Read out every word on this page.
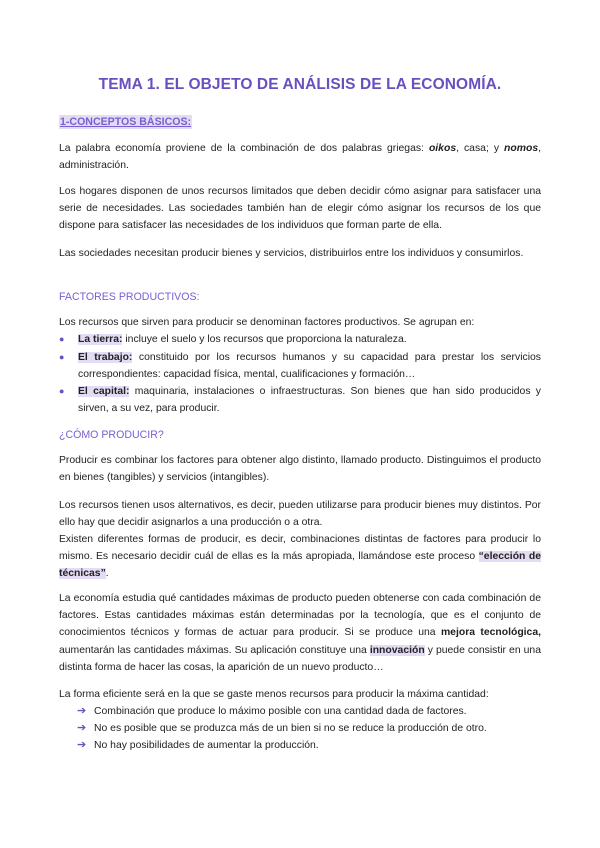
TEMA 1. EL OBJETO DE ANÁLISIS DE LA ECONOMÍA.
1-CONCEPTOS BÁSICOS:

La palabra economía proviene de la combinación de dos palabras griegas: oikos, casa; y nomos, administración.

Los hogares disponen de unos recursos limitados que deben decidir cómo asignar para satisfacer una serie de necesidades. Las sociedades también han de elegir cómo asignar los recursos de los que dispone para satisfacer las necesidades de los individuos que forman parte de ella.

Las sociedades necesitan producir bienes y servicios, distribuirlos entre los individuos y consumirlos.

FACTORES PRODUCTIVOS:

Los recursos que sirven para producir se denominan factores productivos. Se agrupan en:

● La tierra: incluye el suelo y los recursos que proporciona la naturaleza.
● El trabajo: constituido por los recursos humanos y su capacidad para prestar los servicios correspondientes: capacidad física, mental, cualificaciones y formación…
● El capital: maquinaria, instalaciones o infraestructuras. Son bienes que han sido producidos y sirven, a su vez, para producir.
¿CÓMO PRODUCIR?

Producir es combinar los factores para obtener algo distinto, llamado producto. Distinguimos el producto en bienes (tangibles) y servicios (intangibles).

Los recursos tienen usos alternativos, es decir, pueden utilizarse para producir bienes muy distintos. Por ello hay que decidir asignarlos a una producción o a otra.

Existen diferentes formas de producir, es decir, combinaciones distintas de factores para producir lo mismo. Es necesario decidir cuál de ellas es la más apropiada, llamándose este proceso “elección de técnicas”.

La economía estudia qué cantidades máximas de producto pueden obtenerse con cada combinación de factores. Estas cantidades máximas están determinadas por la tecnología, que es el conjunto de conocimientos técnicos y formas de actuar para producir. Si se produce una mejora tecnológica, aumentarán las cantidades máximas. Su aplicación constituye una innovación y puede consistir en una distinta forma de hacer las cosas, la aparición de un nuevo producto…

La forma eficiente será en la que se gaste menos recursos para producir la máxima cantidad:

➔ Combinación que produce lo máximo posible con una cantidad dada de factores.
➔ No es posible que se produzca más de un bien si no se reduce la producción de otro.
➔ No hay posibilidades de aumentar la producción.
